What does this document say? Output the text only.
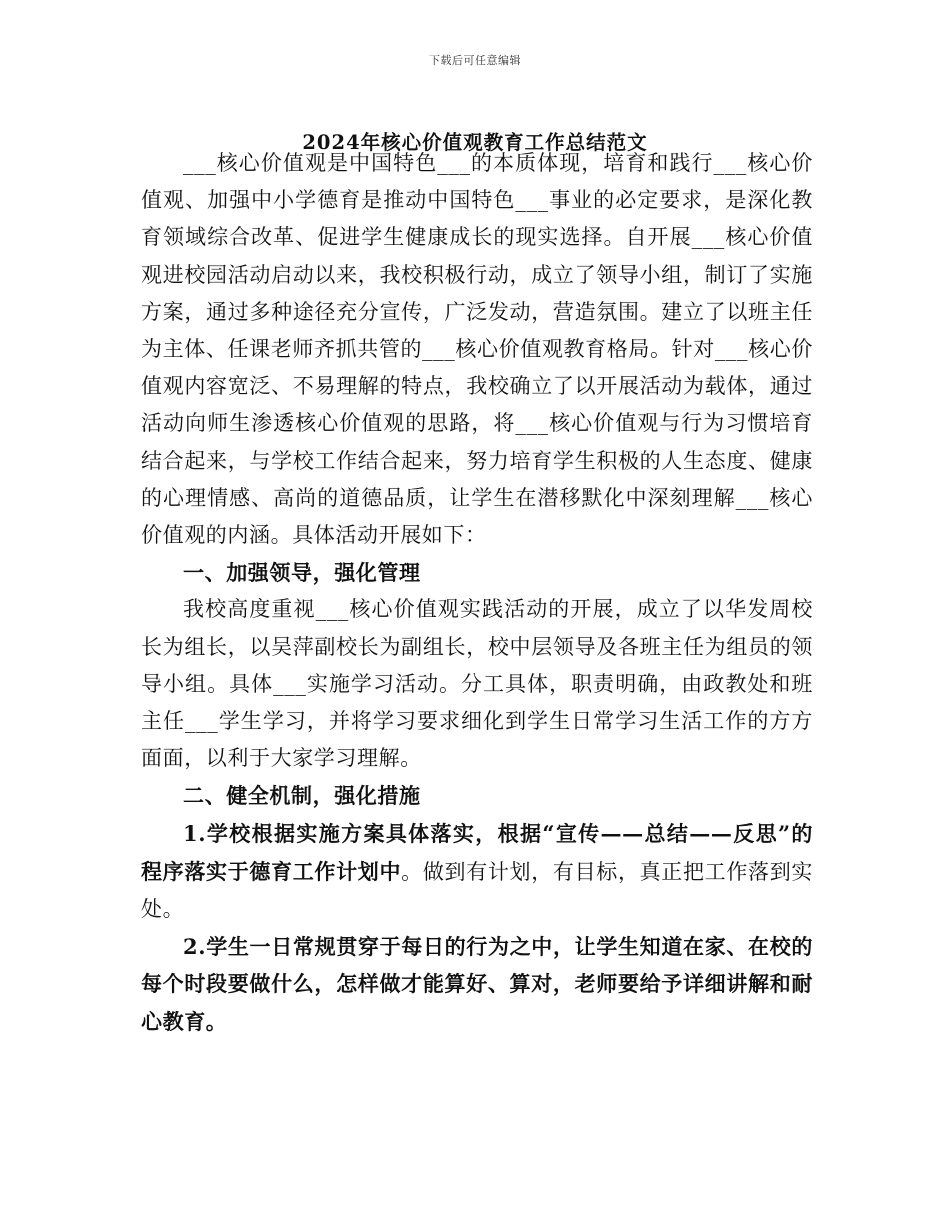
下载后可任意编辑
2024年核心价值观教育工作总结范文

___核心价值观是中国特色___的本质体现，培育和践行___核心价值观、加强中小学德育是推动中国特色___事业的必定要求，是深化教育领域综合改革、促进学生健康成长的现实选择。自开展___核心价值观进校园活动启动以来，我校积极行动，成立了领导小组，制订了实施方案，通过多种途径充分宣传，广泛发动，营造氛围。建立了以班主任为主体、任课老师齐抓共管的___核心价值观教育格局。针对___核心价值观内容宽泛、不易理解的特点，我校确立了以开展活动为载体，通过活动向师生渗透核心价值观的思路，将___核心价值观与行为习惯培育结合起来，与学校工作结合起来，努力培育学生积极的人生态度、健康的心理情感、高尚的道德品质，让学生在潜移默化中深刻理解___核心价值观的内涵。具体活动开展如下：

一、加强领导，强化管理

我校高度重视___核心价值观实践活动的开展，成立了以华发周校长为组长，以吴萍副校长为副组长，校中层领导及各班主任为组员的领导小组。具体___实施学习活动。分工具体，职责明确，由政教处和班主任___学生学习，并将学习要求细化到学生日常学习生活工作的方方面面，以利于大家学习理解。

二、健全机制，强化措施

1.学校根据实施方案具体落实，根据“宣传——总结——反思”的程序落实于德育工作计划中。做到有计划，有目标，真正把工作落到实处。

2.学生一日常规贯穿于每日的行为之中，让学生知道在家、在校的每个时段要做什么，怎样做才能算好、算对，老师要给予详细讲解和耐心教育。
